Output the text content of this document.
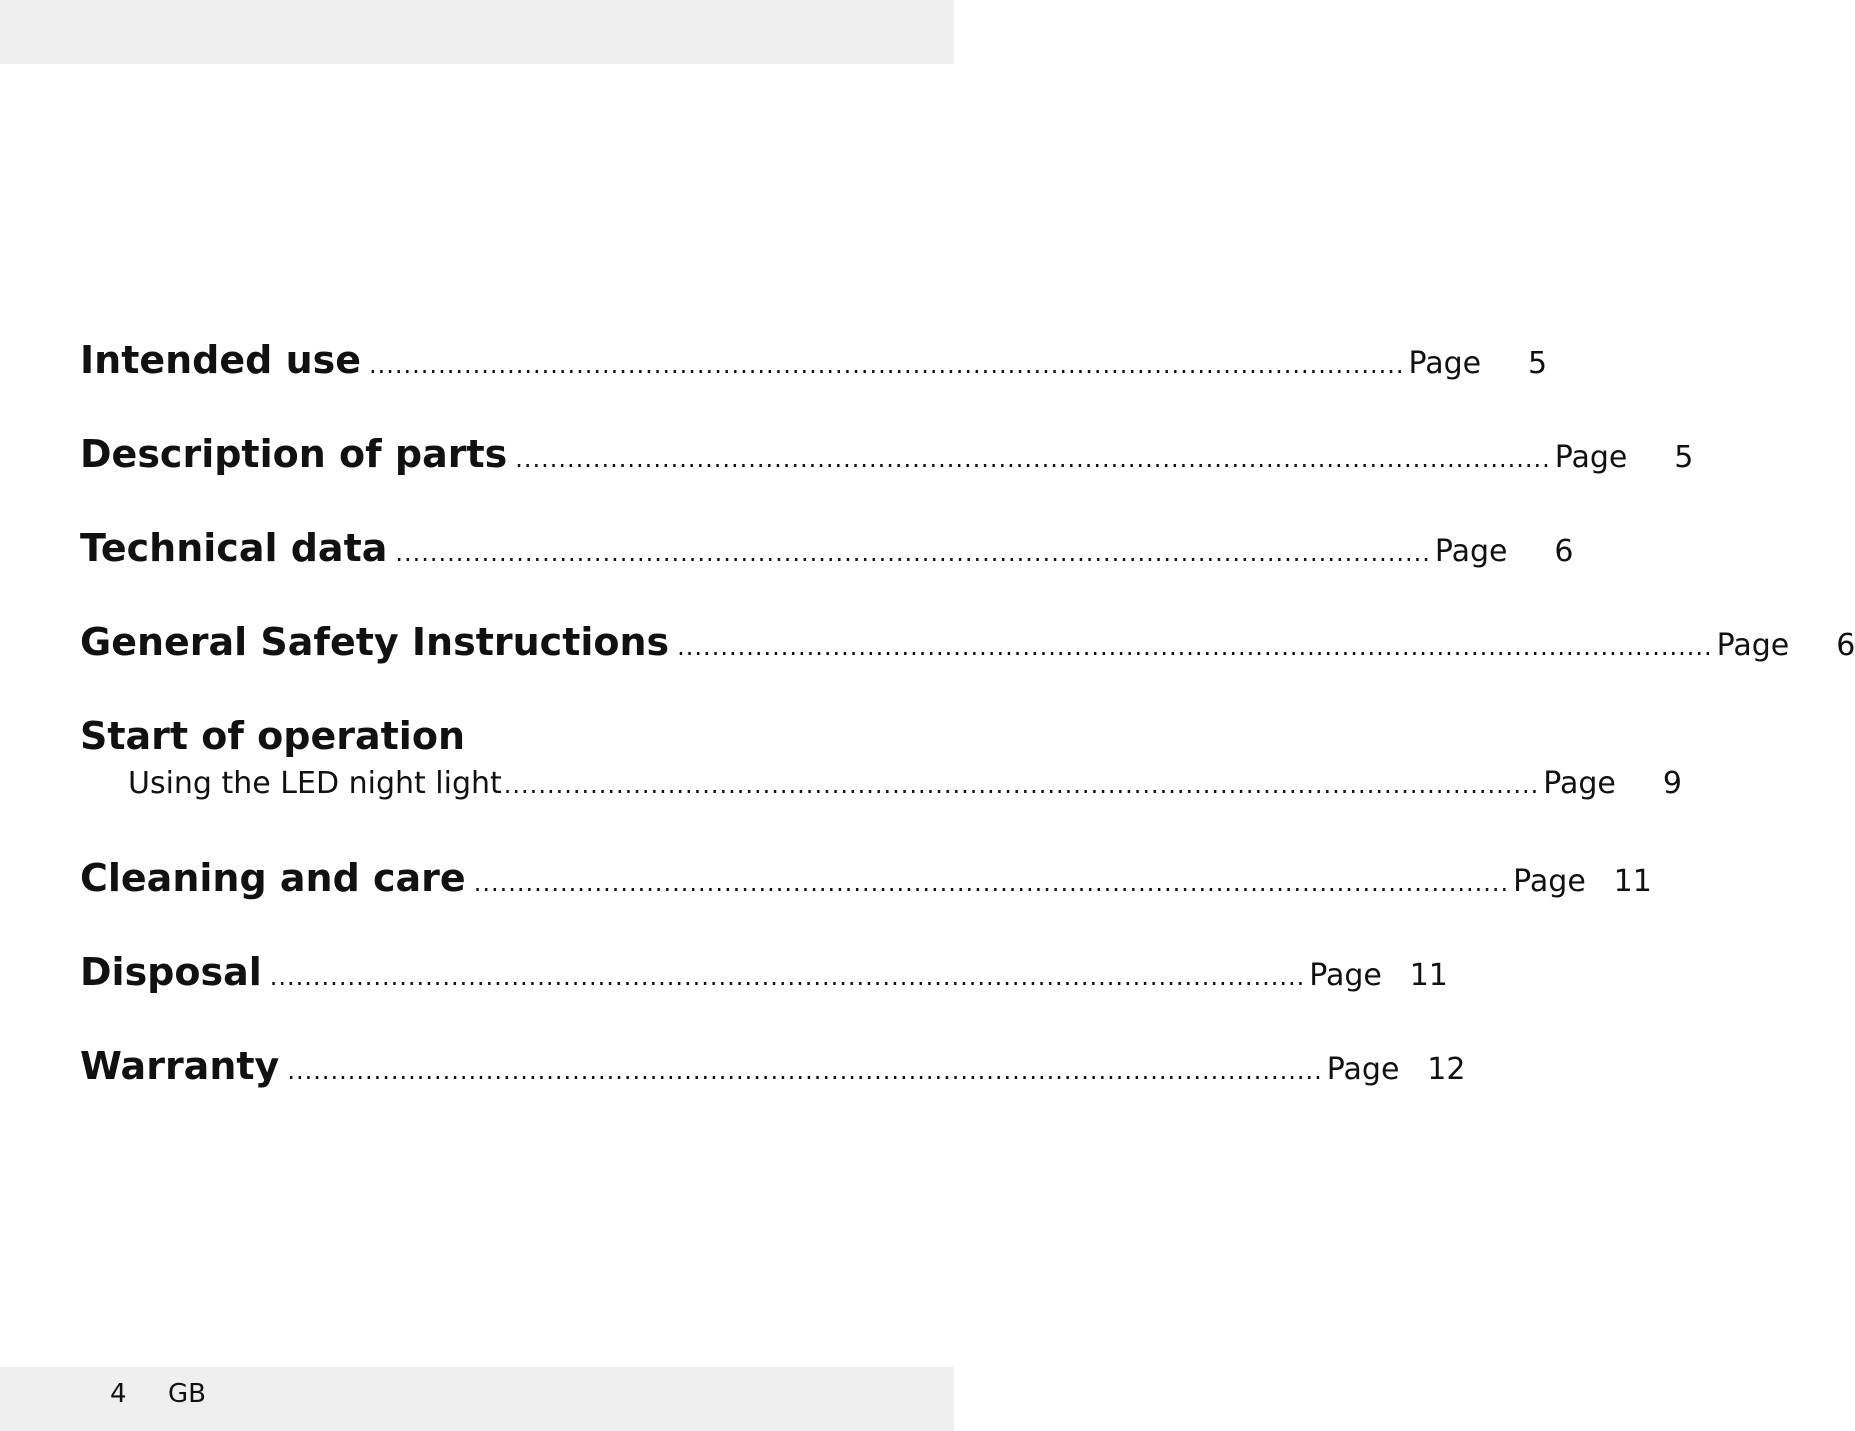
Intended use ........................................................................................................................ Page	5
Description of parts ........................................................................................................................ Page	5
Technical data ........................................................................................................................ Page	6
General Safety Instructions ........................................................................................................................ Page	6
Start of operation
Using the LED night light ........................................................................................................................ Page	9
Cleaning and care ........................................................................................................................ Page 11
Disposal ........................................................................................................................ Page 11
Warranty ........................................................................................................................ Page 12
4 GB
